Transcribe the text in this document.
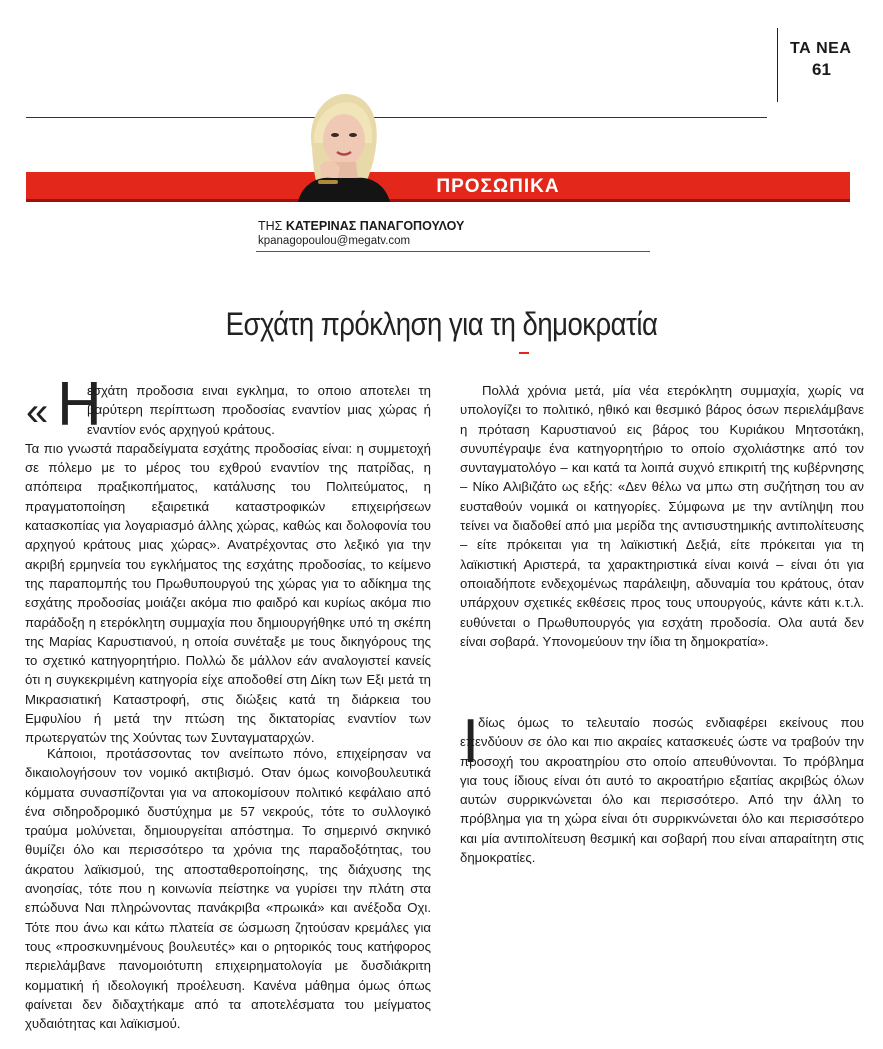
ΤΑ ΝΕΑ
61
ΠΡΟΣΩΠΙΚΑ
ΤΗΣ ΚΑΤΕΡΙΝΑΣ ΠΑΝΑΓΟΠΟΥΛΟΥ
kpanagopoulou@megatv.com
Εσχάτη πρόκληση για τη δημοκρατία
« Η

εσχάτη προδοσια ειναι εγκλημα, το οποιο αποτελει τη βαρύτερη περίπτωση προδοσίας εναντίον μιας χώρας ή εναντίον ενός αρχηγού κράτους.
Τα πιο γνωστά παραδείγματα εσχάτης προδοσίας είναι: η συμμετοχή σε πόλεμο με το μέρος του εχθρού εναντίον της πατρίδας, η απόπειρα πραξικοπήματος, κατάλυσης του Πολιτεύματος, η πραγματοποίηση εξαιρετικά καταστροφικών επιχειρήσεων κατασκοπίας για λογαριασμό άλλης χώρας, καθώς και δολοφονία του αρχηγού κράτους μιας χώρας». Ανατρέχοντας στο λεξικό για την ακριβή ερμηνεία του εγκλήματος της εσχάτης προδοσίας, το κείμενο της παραπομπής του Πρωθυπουργού της χώρας για το αδίκημα της εσχάτης προδοσίας μοιάζει ακόμα πιο φαιδρό και κυρίως ακόμα πιο παράδοξη η ετερόκλητη συμμαχία που δημιουργήθηκε υπό τη σκέπη της Μαρίας Καρυστιανού, η οποία συνέταξε με τους δικηγόρους της το σχετικό κατηγορητήριο. Πολλώ δε μάλλον εάν αναλογιστεί κανείς ότι η συγκεκριμένη κατηγορία είχε αποδοθεί στη Δίκη των Εξι μετά τη Μικρασιατική Καταστροφή, στις διώξεις κατά τη διάρκεια του Εμφυλίου ή μετά την πτώση της δικτατορίας εναντίον των πρωτεργατών της Χούντας των Συνταγματαρχών.

Κάποιοι, προτάσσοντας τον ανείπωτο πόνο, επιχείρησαν να δικαιολογήσουν τον νομικό ακτιβισμό. Οταν όμως κοινοβουλευτικά κόμματα συνασπίζονται για να αποκομίσουν πολιτικό κεφάλαιο από ένα σιδηροδρομικό δυστύχημα με 57 νεκρούς, τότε το συλλογικό τραύμα μολύνεται, δημιουργείται απόστημα. Το σημερινό σκηνικό θυμίζει όλο και περισσότερο τα χρόνια της παραδοξότητας, του άκρατου λαϊκισμού, της αποσταθεροποίησης, της διάχυσης της ανοησίας, τότε που η κοινωνία πείστηκε να γυρίσει την πλάτη στα επώδυνα Ναι πληρώνοντας πανάκριβα «πρωικά» και ανέξοδα Οχι. Τότε που άνω και κάτω πλατεία σε ώσμωση ζητούσαν κρεμάλες για τους «προσκυνημένους βουλευτές» και ο ρητορικός τους κατήφορος περιελάμβανε πανομοιότυπη επιχειρηματολογία με δυσδιάκριτη κομματική ή ιδεολογική προέλευση. Κανένα μάθημα όμως όπως φαίνεται δεν διδαχτήκαμε από τα αποτελέσματα του μείγματος χυδαιότητας και λαϊκισμού.

Πολλά χρόνια μετά, μία νέα ετερόκλητη συμμαχία, χωρίς να υπολογίζει το πολιτικό, ηθικό και θεσμικό βάρος όσων περιελάμβανε η πρόταση Καρυστιανού εις βάρος του Κυριάκου Μητσοτάκη, συνυπέγραψε ένα κατηγορητήριο το οποίο σχολιάστηκε από τον συνταγματολόγο – και κατά τα λοιπά συχνό επικριτή της κυβέρνησης – Νίκο Αλιβιζάτο ως εξής: «Δεν θέλω να μπω στη συζήτηση του αν ευσταθούν νομικά οι κατηγορίες. Σύμφωνα με την αντίληψη που τείνει να διαδοθεί από μια μερίδα της αντισυστημικής αντιπολίτευσης – είτε πρόκειται για τη λαϊκιστική Δεξιά, είτε πρόκειται για τη λαϊκιστική Αριστερά, τα χαρακτηριστικά είναι κοινά – είναι ότι για οποιαδήποτε ενδεχομένως παράλειψη, αδυναμία του κράτους, όταν υπάρχουν σχετικές εκθέσεις προς τους υπουργούς, κάντε κάτι κ.τ.λ. ευθύνεται ο Πρωθυπουργός για εσχάτη προδοσία. Ολα αυτά δεν είναι σοβαρά. Υπονομεύουν την ίδια τη δημοκρατία».

Ι

δίως όμως το τελευταίο ποσώς ενδιαφέρει εκείνους που επενδύουν σε όλο και πιο ακραίες κατασκευές ώστε να τραβούν την προσοχή του ακροατηρίου στο οποίο απευθύνονται. Το πρόβλημα για τους ίδιους είναι ότι αυτό το ακροατήριο εξαιτίας ακριβώς όλων αυτών συρρικνώνεται όλο και περισσότερο. Από την άλλη το πρόβλημα για τη χώρα είναι ότι συρρικνώνεται όλο και περισσότερο και μία αντιπολίτευση θεσμική και σοβαρή που είναι απαραίτητη στις δημοκρατίες.
